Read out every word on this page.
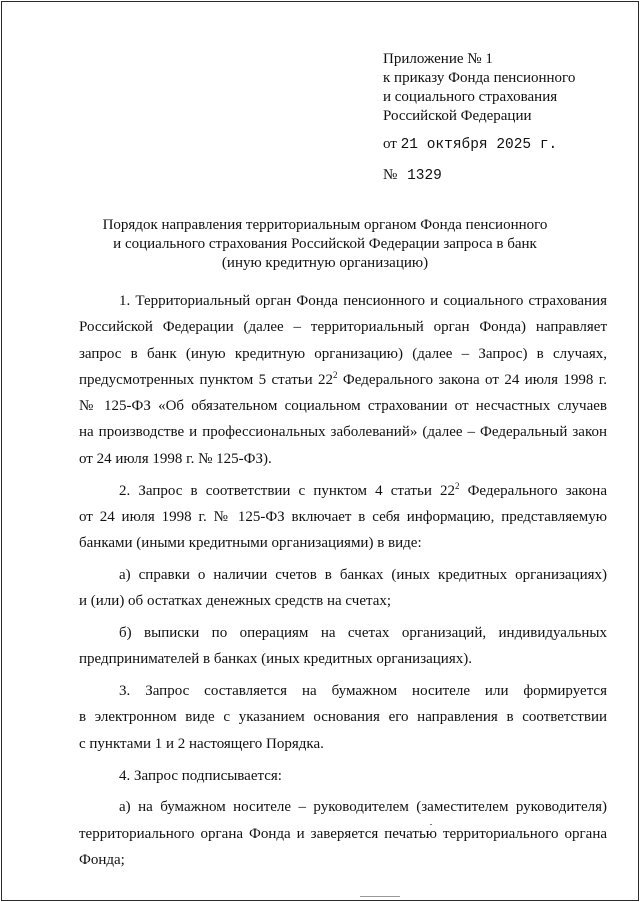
Приложение № 1
к приказу Фонда пенсионного
и социального страхования
Российской Федерации
от 21 октября 2025 г.
№ 1329
Порядок направления территориальным органом Фонда пенсионного
и социального страхования Российской Федерации запроса в банк
(иную кредитную организацию)
1. Территориальный орган Фонда пенсионного и социального страхования
Российской Федерации (далее – территориальный орган Фонда) направляет
запрос в банк (иную кредитную организацию) (далее – Запрос) в случаях,
предусмотренных пунктом 5 статьи $22^2$ Федерального закона от 24 июля 1998 г.
№ 125-ФЗ «Об обязательном социальном страховании от несчастных случаев
на производстве и профессиональных заболеваний» (далее – Федеральный закон
от 24 июля 1998 г. № 125-ФЗ).
2. Запрос в соответствии с пунктом 4 статьи $22^2$ Федерального закона
от 24 июля 1998 г. № 125-ФЗ включает в себя информацию, представляемую
банками (иными кредитными организациями) в виде:
а) справки о наличии счетов в банках (иных кредитных организациях)
и (или) об остатках денежных средств на счетах;
б) выписки по операциям на счетах организаций, индивидуальных
предпринимателей в банках (иных кредитных организациях).
3. Запрос составляется на бумажном носителе или формируется
в электронном виде с указанием основания его направления в соответствии
с пунктами 1 и 2 настоящего Порядка.
4. Запрос подписывается:
а) на бумажном носителе – руководителем (заместителем руководителя)
территориального органа Фонда и заверяется печатью территориального органа
Фонда;
